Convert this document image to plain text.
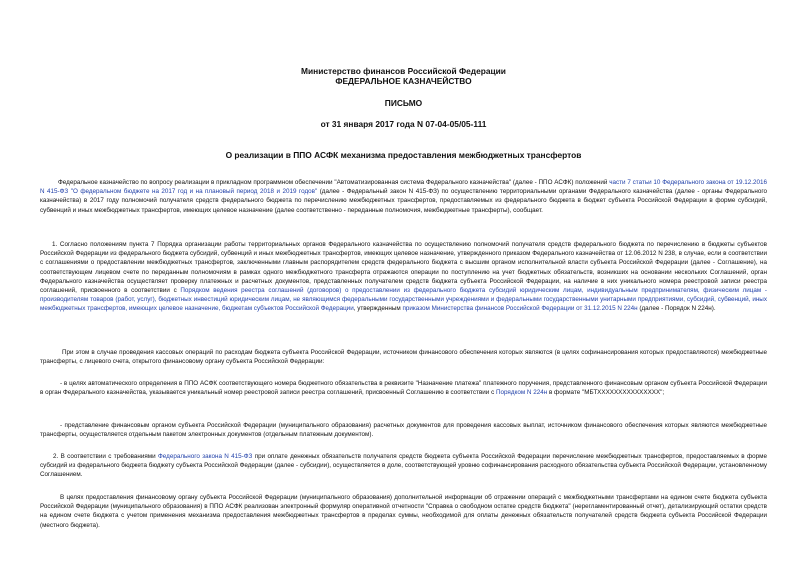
Министерство финансов Российской Федерации
ФЕДЕРАЛЬНОЕ КАЗНАЧЕЙСТВО
ПИСЬМО
от 31 января 2017 года N 07-04-05/05-111
О реализации в ППО АСФК механизма предоставления межбюджетных трансфертов
Федеральное казначейство по вопросу реализации в прикладном программном обеспечении "Автоматизированная система Федерального казначейства" (далее - ППО АСФК) положений части 7 статьи 10 Федерального закона от 19.12.2016 N 415-ФЗ "О федеральном бюджете на 2017 год и на плановый период 2018 и 2019 годов" (далее - Федеральный закон N 415-ФЗ) по осуществлению территориальными органами Федерального казначейства (далее - органы Федерального казначейства) в 2017 году полномочий получателя средств федерального бюджета по перечислению межбюджетных трансфертов, предоставляемых из федерального бюджета в бюджет субъекта Российской Федерации в форме субсидий, субвенций и иных межбюджетных трансфертов, имеющих целевое назначение (далее соответственно - переданные полномочия, межбюджетные трансферты), сообщает.
1. Согласно положениям пункта 7 Порядка организации работы территориальных органов Федерального казначейства по осуществлению полномочий получателя средств федерального бюджета по перечислению в бюджеты субъектов Российской Федерации из федерального бюджета субсидий, субвенций и иных межбюджетных трансфертов, имеющих целевое назначение, утвержденного приказом Федерального казначейства от 12.06.2012 N 238, в случае, если в соответствии с соглашениями о предоставлении межбюджетных трансфертов, заключенными главным распорядителем средств федерального бюджета с высшим органом исполнительной власти субъекта Российской Федерации (далее - Соглашение), на соответствующем лицевом счете по переданным полномочиям в рамках одного межбюджетного трансферта отражаются операции по поступлению на учет бюджетных обязательств, возникших на основании нескольких Соглашений, орган Федерального казначейства осуществляет проверку платежных и расчетных документов, представленных получателем средств бюджета субъекта Российской Федерации, на наличие в них уникального номера реестровой записи реестра соглашений, присвоенного в соответствии с Порядком ведения реестра соглашений (договоров) о предоставлении из федерального бюджета субсидий юридическим лицам, индивидуальным предпринимателям, физическим лицам - производителям товаров (работ, услуг), бюджетных инвестиций юридическим лицам, не являющимся федеральными государственными учреждениями и федеральными государственными унитарными предприятиями, субсидий, субвенций, иных межбюджетных трансфертов, имеющих целевое назначение, бюджетам субъектов Российской Федерации, утвержденным приказом Министерства финансов Российской Федерации от 31.12.2015 N 224н (далее - Порядок N 224н).
При этом в случае проведения кассовых операций по расходам бюджета субъекта Российской Федерации, источником финансового обеспечения которых являются (в целях софинансирования которых предоставляются) межбюджетные трансферты, с лицевого счета, открытого финансовому органу субъекта Российской Федерации:
- в целях автоматического определения в ППО АСФК соответствующего номера бюджетного обязательства в реквизите "Назначение платежа" платежного поручения, представленного финансовым органом субъекта Российской Федерации в орган Федерального казначейства, указывается уникальный номер реестровой записи реестра соглашений, присвоенный Соглашению в соответствии с Порядком N 224н в формате "МБТXXXXXXXXXXXXXXX";
- представление финансовым органом субъекта Российской Федерации (муниципального образования) расчетных документов для проведения кассовых выплат, источником финансового обеспечения которых являются межбюджетные трансферты, осуществляется отдельным пакетом электронных документов (отдельным платежным документом).
2. В соответствии с требованиями Федерального закона N 415-ФЗ при оплате денежных обязательств получателя средств бюджета субъекта Российской Федерации перечисление межбюджетных трансфертов, предоставляемых в форме субсидий из федерального бюджета бюджету субъекта Российской Федерации (далее - субсидии), осуществляется в доле, соответствующей уровню софинансирования расходного обязательства субъекта Российской Федерации, установленному Соглашением.
В целях предоставления финансовому органу субъекта Российской Федерации (муниципального образования) дополнительной информации об отражении операций с межбюджетными трансфертами на едином счете бюджета субъекта Российской Федерации (муниципального образования) в ППО АСФК реализован электронный формуляр оперативной отчетности "Справка о свободном остатке средств бюджета" (нерегламентированный отчет), детализирующий остатки средств на едином счете бюджета с учетом применения механизма предоставления межбюджетных трансфертов в пределах суммы, необходимой для оплаты денежных обязательств получателей средств бюджета субъекта Российской Федерации (местного бюджета).
